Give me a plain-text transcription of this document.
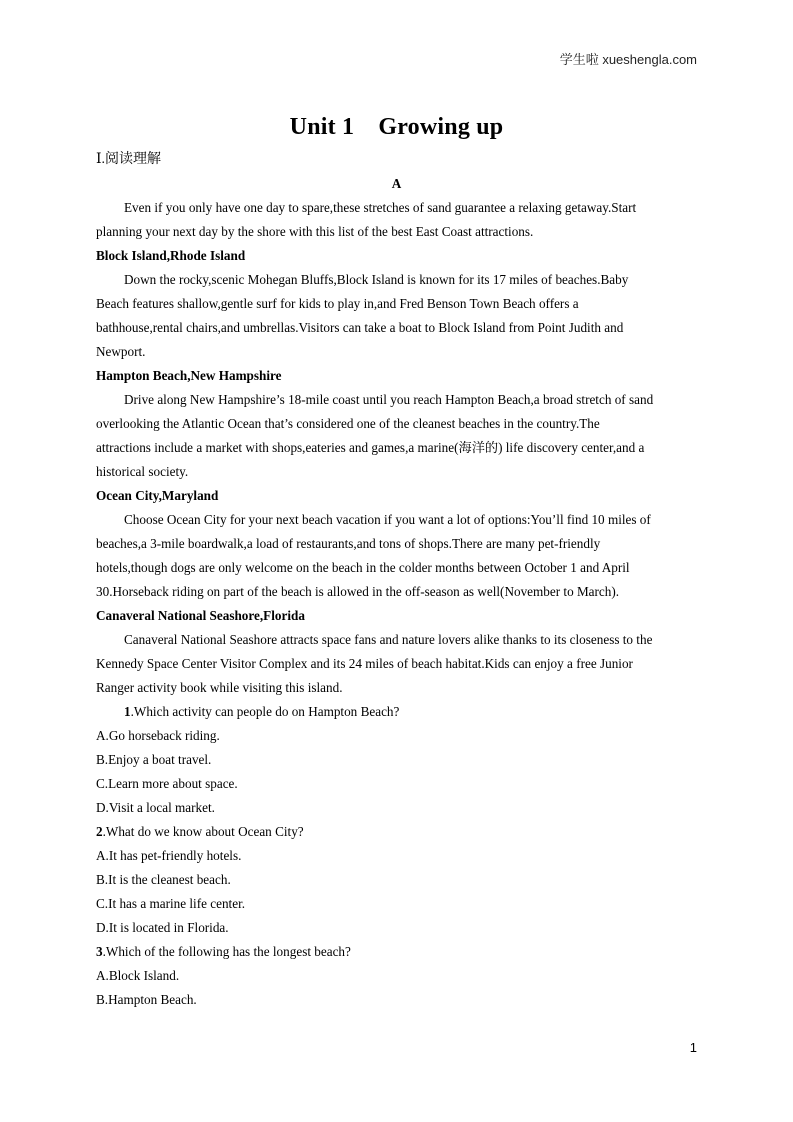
学生啦 xueshengla.com
Unit 1　Growing up
Ⅰ.阅读理解

A

Even if you only have one day to spare,these stretches of sand guarantee a relaxing getaway.Start
planning your next day by the shore with this list of the best East Coast attractions.

Block Island,Rhode Island

Down the rocky,scenic Mohegan Bluffs,Block Island is known for its 17 miles of beaches.Baby
Beach features shallow,gentle surf for kids to play in,and Fred Benson Town Beach offers a
bathhouse,rental chairs,and umbrellas.Visitors can take a boat to Block Island from Point Judith and
Newport.

Hampton Beach,New Hampshire

Drive along New Hampshire’s 18-mile coast until you reach Hampton Beach,a broad stretch of sand
overlooking the Atlantic Ocean that’s considered one of the cleanest beaches in the country.The
attractions include a market with shops,eateries and games,a marine(海洋的) life discovery center,and a
historical society.

Ocean City,Maryland

Choose Ocean City for your next beach vacation if you want a lot of options:You’ll find 10 miles of
beaches,a 3-mile boardwalk,a load of restaurants,and tons of shops.There are many pet-friendly
hotels,though dogs are only welcome on the beach in the colder months between October 1 and April
30.Horseback riding on part of the beach is allowed in the off-season as well(November to March).

Canaveral National Seashore,Florida

Canaveral National Seashore attracts space fans and nature lovers alike thanks to its closeness to the
Kennedy Space Center Visitor Complex and its 24 miles of beach habitat.Kids can enjoy a free Junior
Ranger activity book while visiting this island.

1.Which activity can people do on Hampton Beach?

A.Go horseback riding.

B.Enjoy a boat travel.

C.Learn more about space.

D.Visit a local market.

2.What do we know about Ocean City?

A.It has pet-friendly hotels.

B.It is the cleanest beach.

C.It has a marine life center.

D.It is located in Florida.

3.Which of the following has the longest beach?

A.Block Island.

B.Hampton Beach.

1
